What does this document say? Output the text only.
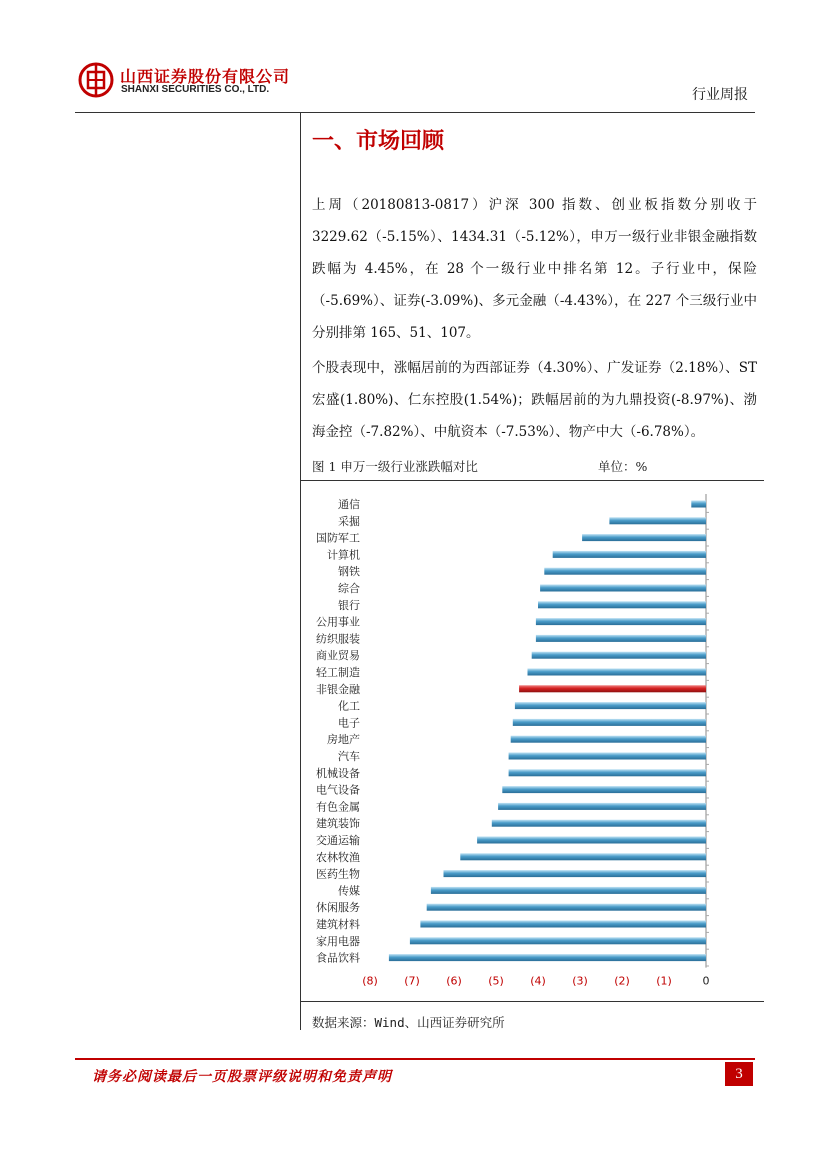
山西证券股份有限公司
SHANXI SECURITIES CO., LTD.	行业周报
一、市场回顾
上周（20180813-0817）沪深 300 指数、创业板指数分别收于 3229.62（-5.15%）、1434.31（-5.12%），申万一级行业非银金融指数跌幅为 4.45%，在 28 个一级行业中排名第 12。子行业中，保险（-5.69%）、证券(-3.09%)、多元金融（-4.43%），在 227 个三级行业中分别排第 165、51、107。
个股表现中，涨幅居前的为西部证券（4.30%）、广发证券（2.18%）、ST 宏盛(1.80%)、仁东控股(1.54%)；跌幅居前的为九鼎投资(-8.97%)、渤海金控（-7.82%）、中航资本（-7.53%）、物产中大（-6.78%）。
图 1 申万一级行业涨跌幅对比	单位：%
通信
采掘
国防军工
计算机
钢铁
综合
银行
公用事业
纺织服装
商业贸易
轻工制造
非银金融
化工
电子
房地产
汽车
机械设备
电气设备
有色金属
建筑装饰
交通运输
农林牧渔
医药生物
传媒
休闲服务
建筑材料
家用电器
食品饮料
(8) (7) (6) (5) (4) (3) (2) (1)	0
数据来源：Wind、山西证券研究所
请务必阅读最后一页股票评级说明和免责声明	3
